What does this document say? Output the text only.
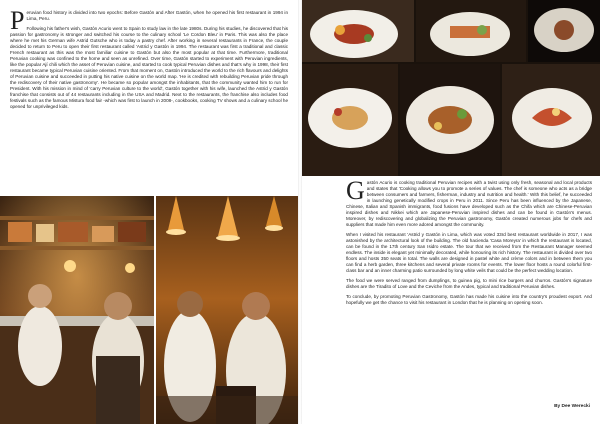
Peruvian food history is divided into two epochs: Before Gastón and After Gastón, when he opened his first restaurant in 1994 in Lima, Peru.

Following his father's wish, Gastón Acurio went to Spain to study law in the late 1980s. During his studies, he discovered that his passion for gastronomy is stronger and switched his course to the culinary school 'Le Cordon Bleu' in Paris. This was also the place where he met his German wife Astrid Gutsche who is today a pastry chef. After working in several restaurants in France, the couple decided to return to Peru to open their first restaurant called 'Astrid y Gastón in 1994. The restaurant was first a traditional and classic French restaurant as this was the most familiar cuisine to Gastón but also the most popular at that time. Furthermore, traditional Peruvian cooking was confined to the home and seen as unrefined. Over time, Gastón started to experiment with Peruvian ingredients, like the popular Ají chili which the asset of Peruvian cuisine, and started to cook typical Peruvian dishes and that's why in 1998, their first restaurant became typical Peruvian cuisine oriented. From that moment on, Gastón introduced the world to the rich flavours and delights of Peruvian cuisine and succeeded in putting his native cuisine on the world map. 'He is credited with rebuilding Peruvian pride through the rediscovery of their native gastronomy'. He became so popular amongst the inhabitants, that the community wanted him to run for President. With his mission in mind of 'carry Peruvian culture to the world', Gastón together with his wife, launched the Astrid y Gastón franchise that consists out of 44 restaurants including in the USA and Madrid. Next to the restaurants, the franchise also includes food festivals such as the famous Mistura food fair -which was first to launch in 2008-, cookbooks, cooking TV shows and a culinary school he opened for unprivileged kids.

Gastón Acurio is cooking traditional Peruvian recipes with a twist using only fresh, seasonal and local products and states that 'Cooking allows you to promote a series of values. The chef is someone who acts as a bridge between consumers and farmers, fisherman, industry and nutrition and health.' With this belief, he succeeded in launching genetically modified crops in Peru in 2011. Since Peru has been influenced by the Japanese, Chinese, Italian and Spanish immigrants, food fusions have developed such as the Chifa which are Chinese-Peruvian inspired dishes and Nikkei which are Japanese-Peruvian inspired dishes and can be found in Gastón's menus. Moreover, by rediscovering and globalizing the Peruvian gastronomy, Gastón created numerous jobs for chefs and suppliers that made him even more adored amongst the community.

When I visited his restaurant 'Astrid y Gastón in Lima, which was voted 33rd best restaurant worldwide in 2017, I was astonished by the architectural look of the building. The old hacienda 'Casa Moreyra' in which the restaurant is located, can be found in the 17th century San Isidro estate. The tour that we received from the Restaurant Manager seemed endless. The inside is elegant yet minimally decorated, while honouring its rich history. The restaurant is divided over two floors and hosts 350 seats in total. The walls are designed in pastel white and crème colors and in between them you can find a herb garden, three kitchens and several private rooms for events. The lower floor hosts a round colorful first-class bar and an inner charming patio surrounded by long white veils that could be the perfect wedding location.

The food we were served ranged from dumplings, to guinea pig, to mini rice burgers and churros. Gastón's signature dishes are the Tiradito of Love and the Ceviche from the Andes, typical and traditional Peruvian dishes.

To conclude, by promoting Peruvian Gastronomy, Gastón has made his cuisine into the country's proudest export. And hopefully we get the chance to visit his restaurant in London that he is planning on opening soon.

By Dee Werecki
